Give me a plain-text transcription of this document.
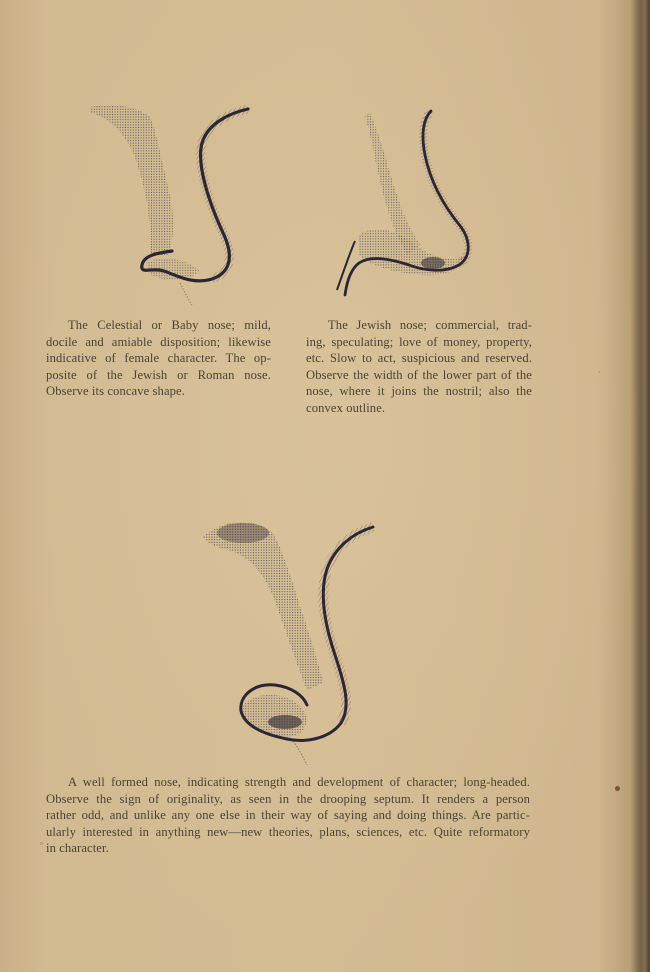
The Celestial or Baby nose; mild,
docile and amiable disposition; likewise
indicative of female character. The op-
posite of the Jewish or Roman nose.
Observe its concave shape.
The Jewish nose; commercial, trad-
ing, speculating; love of money, property,
etc. Slow to act, suspicious and reserved.
Observe the width of the lower part of the
nose, where it joins the nostril; also the
convex outline.
A well formed nose, indicating strength and development of character; long-headed.
Observe the sign of originality, as seen in the drooping septum. It renders a person
rather odd, and unlike any one else in their way of saying and doing things. Are partic-
ularly interested in anything new—new theories, plans, sciences, etc. Quite reformatory
in character.
